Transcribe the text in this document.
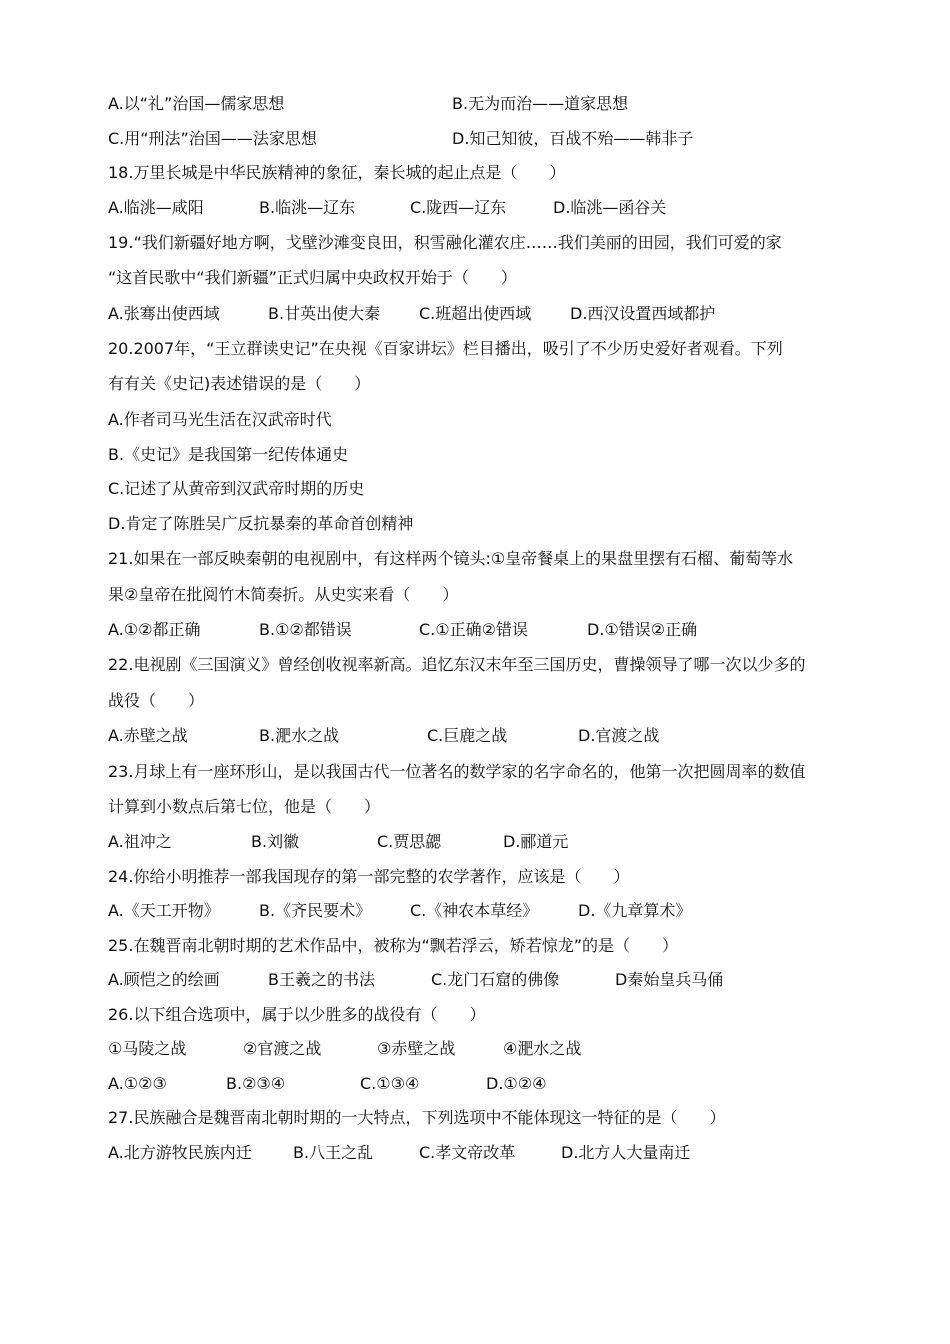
A.以“礼”治国—儒家思想	B.无为而治——道家思想
C.用“刑法”治国——法家思想	D.知己知彼，百战不殆——韩非子
18.万里长城是中华民族精神的象征，秦长城的起止点是（　　）
A.临洮—咸阳	B.临洮—辽东	C.陇西—辽东	D.临洮—函谷关
19.“我们新疆好地方啊，戈壁沙滩变良田，积雪融化灌农庄……我们美丽的田园，我们可爱的家
“这首民歌中“我们新疆”正式归属中央政权开始于（　　）
A.张骞出使西域	B.甘英出使大秦 C.班超出使西域 D.西汉设置西域都护
20.2007年，“王立群读史记”在央视《百家讲坛》栏目播出，吸引了不少历史爱好者观看。下列
有有关《史记)表述错误的是（　　）
A.作者司马光生活在汉武帝时代
B.《史记》是我国第一纪传体通史
C.记述了从黄帝到汉武帝时期的历史
D.肯定了陈胜吴广反抗暴秦的革命首创精神
21.如果在一部反映秦朝的电视剧中，有这样两个镜头:①皇帝餐桌上的果盘里摆有石榴、葡萄等水
果②皇帝在批阅竹木简奏折。从史实来看（　　）
A.①②都正确	B.①②都错误	C.①正确②错误	D.①错误②正确
22.电视剧《三国演义》曾经创收视率新高。追忆东汉末年至三国历史，曹操领导了哪一次以少多的
战役（　　）
A.赤壁之战	B.淝水之战	C.巨鹿之战	D.官渡之战
23.月球上有一座环形山，是以我国古代一位著名的数学家的名字命名的，他第一次把圆周率的数值
计算到小数点后第七位，他是（　　）
A.祖冲之	B.刘徽	C.贾思勰	D.郦道元
24.你给小明推荐一部我国现存的第一部完整的农学著作，应该是（　　）
A.《天工开物》 B.《齐民要术》 C.《神农本草经》 D.《九章算术》
25.在魏晋南北朝时期的艺术作品中，被称为“飘若浮云，矫若惊龙”的是（　　）
A.顾恺之的绘画	B王羲之的书法	C.龙门石窟的佛像	D秦始皇兵马俑
26.以下组合选项中，属于以少胜多的战役有（　　）
①马陵之战	②官渡之战	③赤壁之战	④淝水之战
A.①②③	B.②③④	C.①③④	D.①②④
27.民族融合是魏晋南北朝时期的一大特点，下列选项中不能体现这一特征的是（　　）
A.北方游牧民族内迁	B.八王之乱	C.孝文帝改革	D.北方人大量南迁
